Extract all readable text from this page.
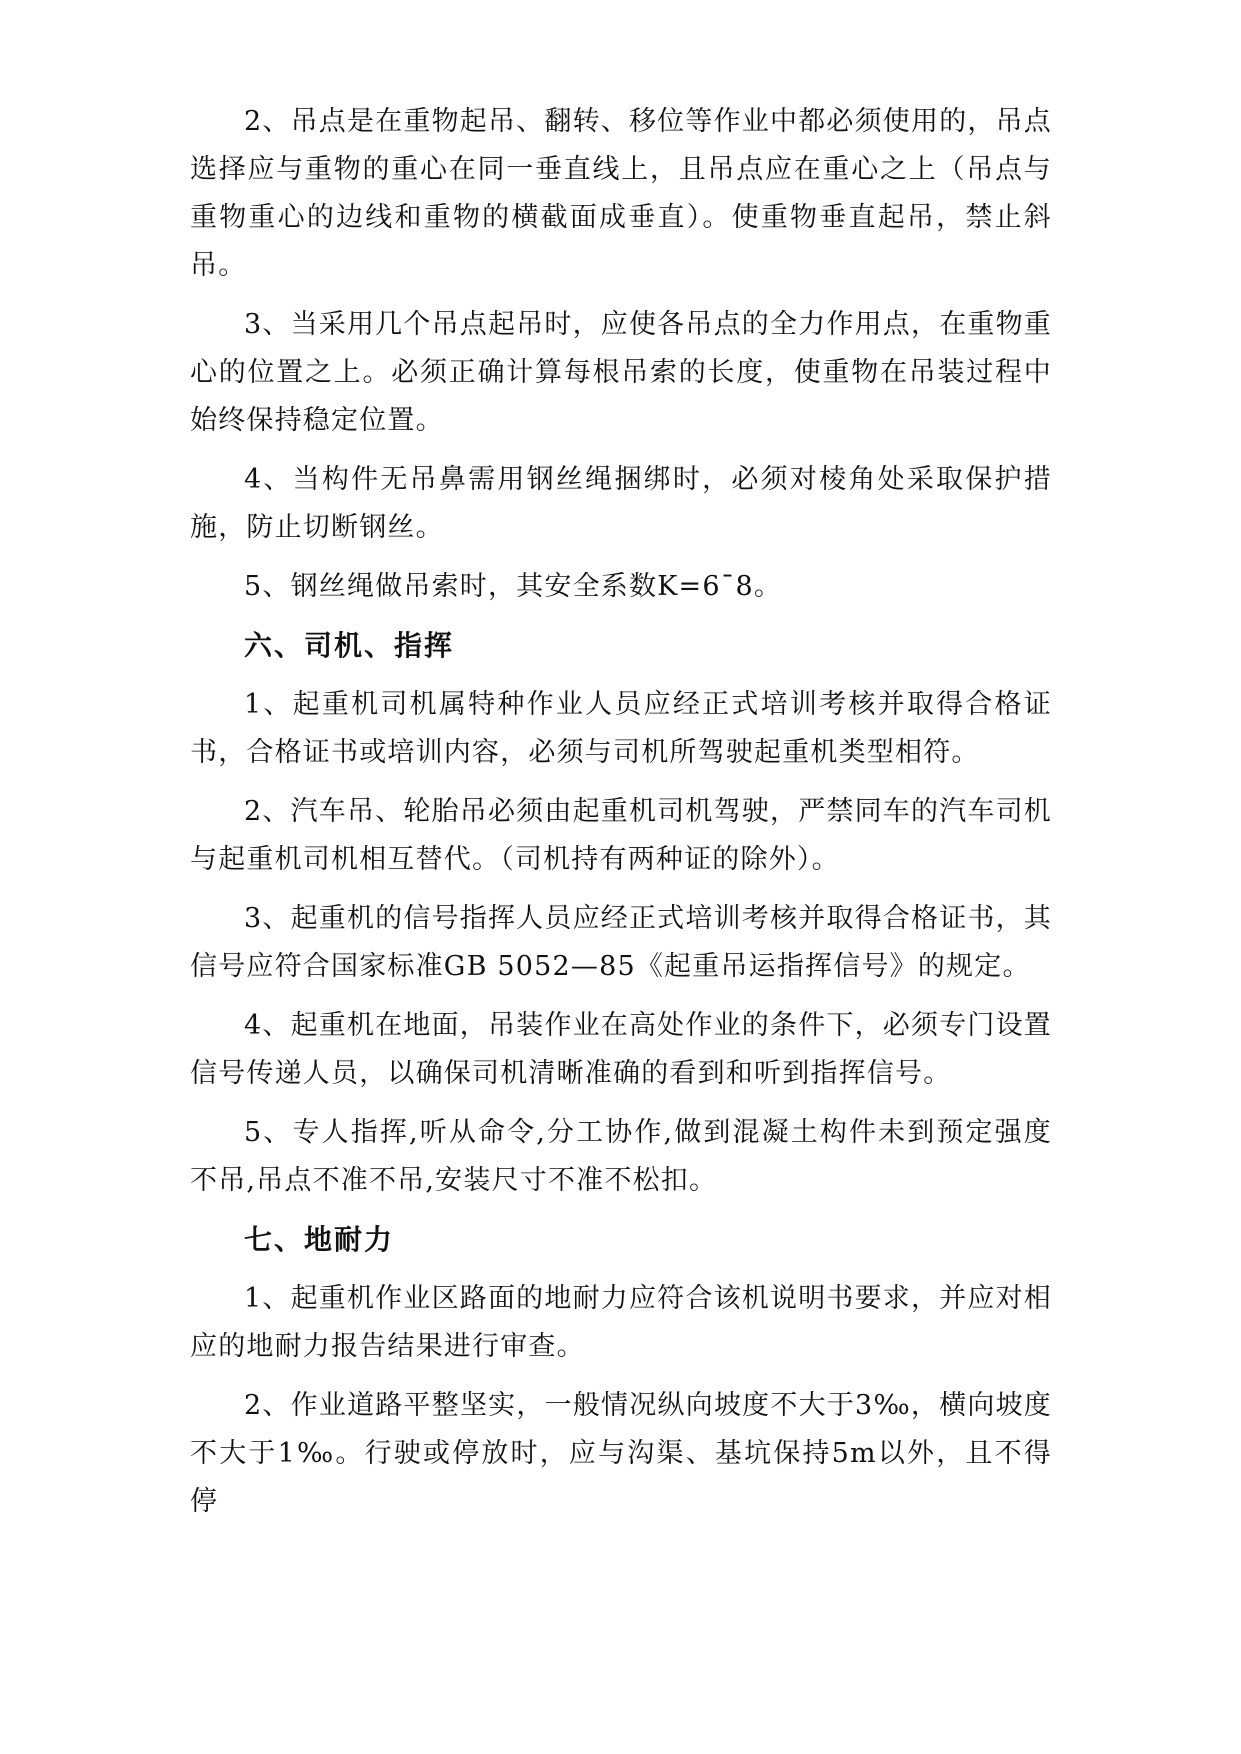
2、吊点是在重物起吊、翻转、移位等作业中都必须使用的，吊点选择应与重物的重心在同一垂直线上，且吊点应在重心之上（吊点与重物重心的边线和重物的横截面成垂直）。使重物垂直起吊，禁止斜吊。

3、当采用几个吊点起吊时，应使各吊点的全力作用点，在重物重心的位置之上。必须正确计算每根吊索的长度，使重物在吊装过程中始终保持稳定位置。

4、当构件无吊鼻需用钢丝绳捆绑时，必须对棱角处采取保护措施，防止切断钢丝。

5、钢丝绳做吊索时，其安全系数K=6¯8。

六、司机、指挥

1、起重机司机属特种作业人员应经正式培训考核并取得合格证书，合格证书或培训内容，必须与司机所驾驶起重机类型相符。

2、汽车吊、轮胎吊必须由起重机司机驾驶，严禁同车的汽车司机与起重机司机相互替代。（司机持有两种证的除外）。

3、起重机的信号指挥人员应经正式培训考核并取得合格证书，其信号应符合国家标准GB 5052—85《起重吊运指挥信号》的规定。

4、起重机在地面，吊装作业在高处作业的条件下，必须专门设置信号传递人员，以确保司机清晰准确的看到和听到指挥信号。

5、专人指挥,听从命令,分工协作,做到混凝土构件未到预定强度不吊,吊点不准不吊,安装尺寸不准不松扣。

七、地耐力

1、起重机作业区路面的地耐力应符合该机说明书要求，并应对相应的地耐力报告结果进行审查。

2、作业道路平整坚实，一般情况纵向坡度不大于3‰，横向坡度不大于1‰。行驶或停放时，应与沟渠、基坑保持5m以外，且不得停
